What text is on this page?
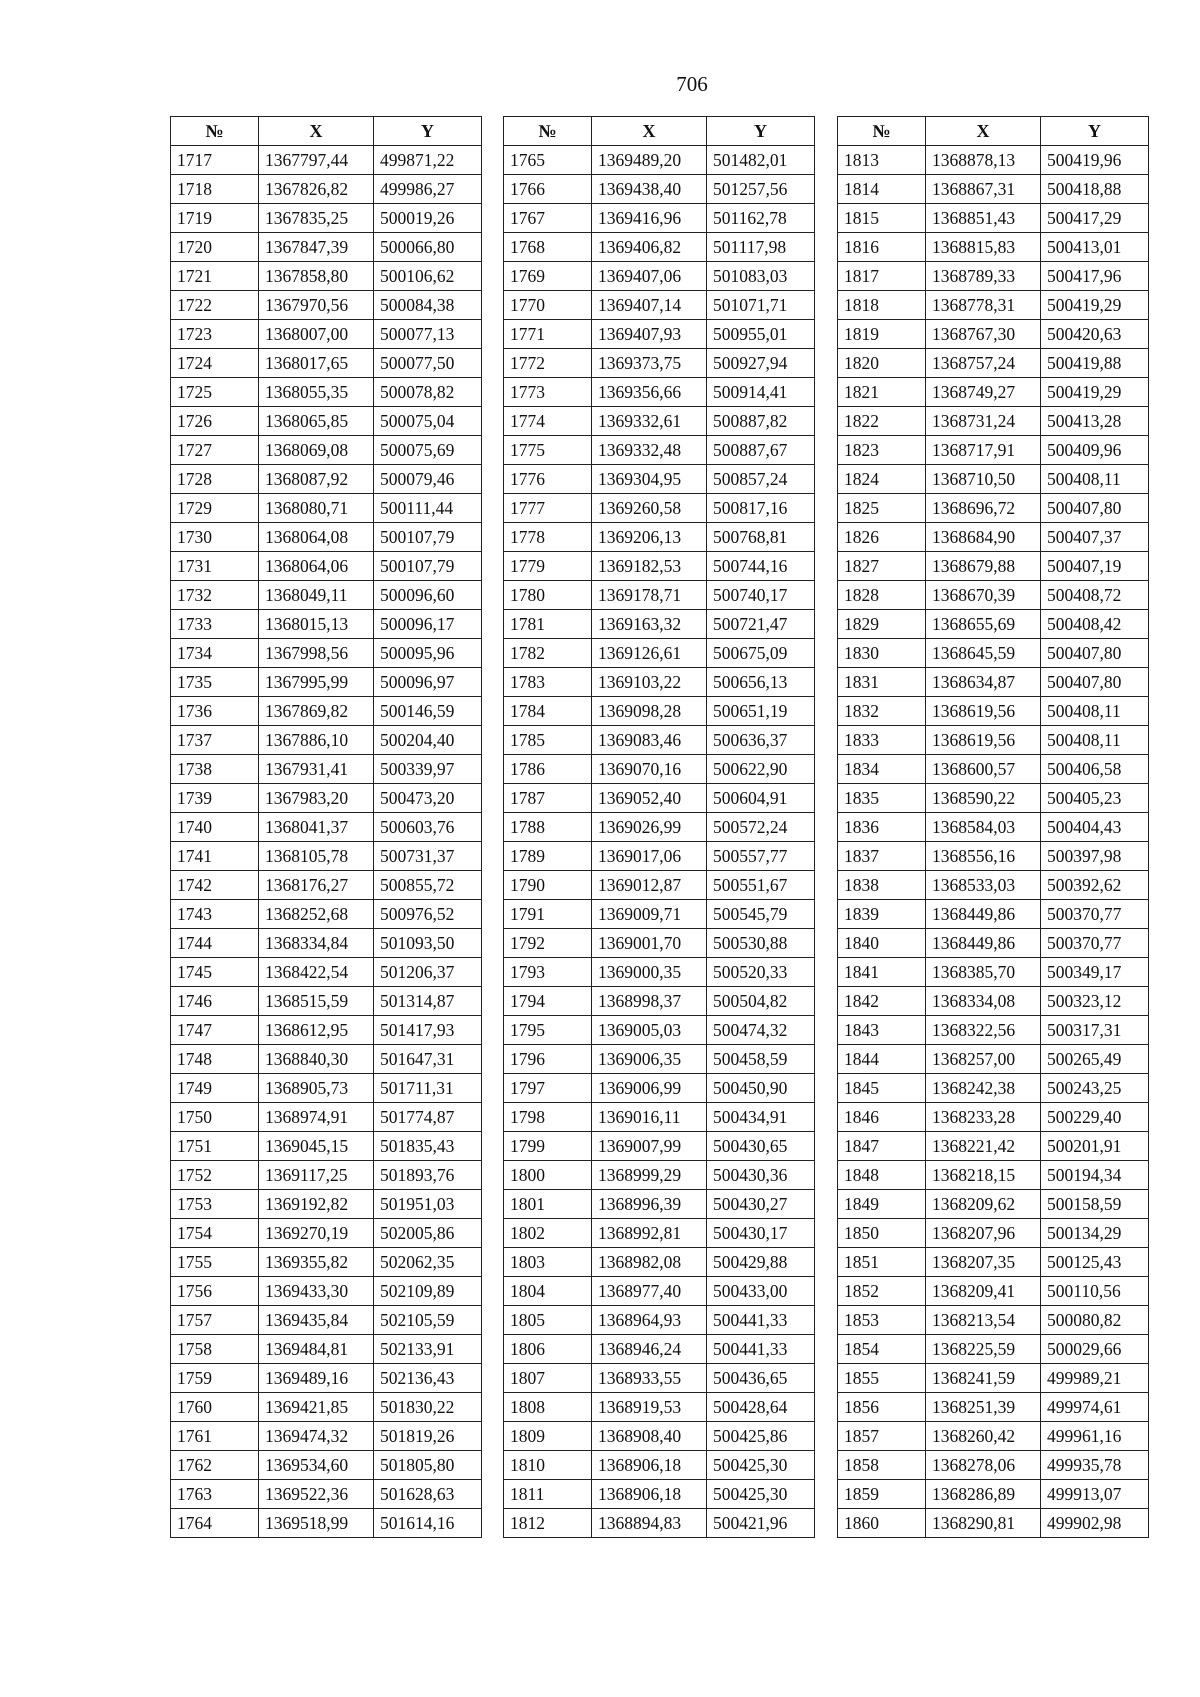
706
№	X	Y
1717	1367797,44	499871,22
1718	1367826,82	499986,27
1719	1367835,25	500019,26
1720	1367847,39	500066,80
1721	1367858,80	500106,62
1722	1367970,56	500084,38
1723	1368007,00	500077,13
1724	1368017,65	500077,50
1725	1368055,35	500078,82
1726	1368065,85	500075,04
1727	1368069,08	500075,69
1728	1368087,92	500079,46
1729	1368080,71	500111,44
1730	1368064,08	500107,79
1731	1368064,06	500107,79
1732	1368049,11	500096,60
1733	1368015,13	500096,17
1734	1367998,56	500095,96
1735	1367995,99	500096,97
1736	1367869,82	500146,59
1737	1367886,10	500204,40
1738	1367931,41	500339,97
1739	1367983,20	500473,20
1740	1368041,37	500603,76
1741	1368105,78	500731,37
1742	1368176,27	500855,72
1743	1368252,68	500976,52
1744	1368334,84	501093,50
1745	1368422,54	501206,37
1746	1368515,59	501314,87
1747	1368612,95	501417,93
1748	1368840,30	501647,31
1749	1368905,73	501711,31
1750	1368974,91	501774,87
1751	1369045,15	501835,43
1752	1369117,25	501893,76
1753	1369192,82	501951,03
1754	1369270,19	502005,86
1755	1369355,82	502062,35
1756	1369433,30	502109,89
1757	1369435,84	502105,59
1758	1369484,81	502133,91
1759	1369489,16	502136,43
1760	1369421,85	501830,22
1761	1369474,32	501819,26
1762	1369534,60	501805,80
1763	1369522,36	501628,63
1764	1369518,99	501614,16
№	X	Y
1765	1369489,20	501482,01
1766	1369438,40	501257,56
1767	1369416,96	501162,78
1768	1369406,82	501117,98
1769	1369407,06	501083,03
1770	1369407,14	501071,71
1771	1369407,93	500955,01
1772	1369373,75	500927,94
1773	1369356,66	500914,41
1774	1369332,61	500887,82
1775	1369332,48	500887,67
1776	1369304,95	500857,24
1777	1369260,58	500817,16
1778	1369206,13	500768,81
1779	1369182,53	500744,16
1780	1369178,71	500740,17
1781	1369163,32	500721,47
1782	1369126,61	500675,09
1783	1369103,22	500656,13
1784	1369098,28	500651,19
1785	1369083,46	500636,37
1786	1369070,16	500622,90
1787	1369052,40	500604,91
1788	1369026,99	500572,24
1789	1369017,06	500557,77
1790	1369012,87	500551,67
1791	1369009,71	500545,79
1792	1369001,70	500530,88
1793	1369000,35	500520,33
1794	1368998,37	500504,82
1795	1369005,03	500474,32
1796	1369006,35	500458,59
1797	1369006,99	500450,90
1798	1369016,11	500434,91
1799	1369007,99	500430,65
1800	1368999,29	500430,36
1801	1368996,39	500430,27
1802	1368992,81	500430,17
1803	1368982,08	500429,88
1804	1368977,40	500433,00
1805	1368964,93	500441,33
1806	1368946,24	500441,33
1807	1368933,55	500436,65
1808	1368919,53	500428,64
1809	1368908,40	500425,86
1810	1368906,18	500425,30
1811	1368906,18	500425,30
1812	1368894,83	500421,96
№	X	Y
1813	1368878,13	500419,96
1814	1368867,31	500418,88
1815	1368851,43	500417,29
1816	1368815,83	500413,01
1817	1368789,33	500417,96
1818	1368778,31	500419,29
1819	1368767,30	500420,63
1820	1368757,24	500419,88
1821	1368749,27	500419,29
1822	1368731,24	500413,28
1823	1368717,91	500409,96
1824	1368710,50	500408,11
1825	1368696,72	500407,80
1826	1368684,90	500407,37
1827	1368679,88	500407,19
1828	1368670,39	500408,72
1829	1368655,69	500408,42
1830	1368645,59	500407,80
1831	1368634,87	500407,80
1832	1368619,56	500408,11
1833	1368619,56	500408,11
1834	1368600,57	500406,58
1835	1368590,22	500405,23
1836	1368584,03	500404,43
1837	1368556,16	500397,98
1838	1368533,03	500392,62
1839	1368449,86	500370,77
1840	1368449,86	500370,77
1841	1368385,70	500349,17
1842	1368334,08	500323,12
1843	1368322,56	500317,31
1844	1368257,00	500265,49
1845	1368242,38	500243,25
1846	1368233,28	500229,40
1847	1368221,42	500201,91
1848	1368218,15	500194,34
1849	1368209,62	500158,59
1850	1368207,96	500134,29
1851	1368207,35	500125,43
1852	1368209,41	500110,56
1853	1368213,54	500080,82
1854	1368225,59	500029,66
1855	1368241,59	499989,21
1856	1368251,39	499974,61
1857	1368260,42	499961,16
1858	1368278,06	499935,78
1859	1368286,89	499913,07
1860	1368290,81	499902,98
